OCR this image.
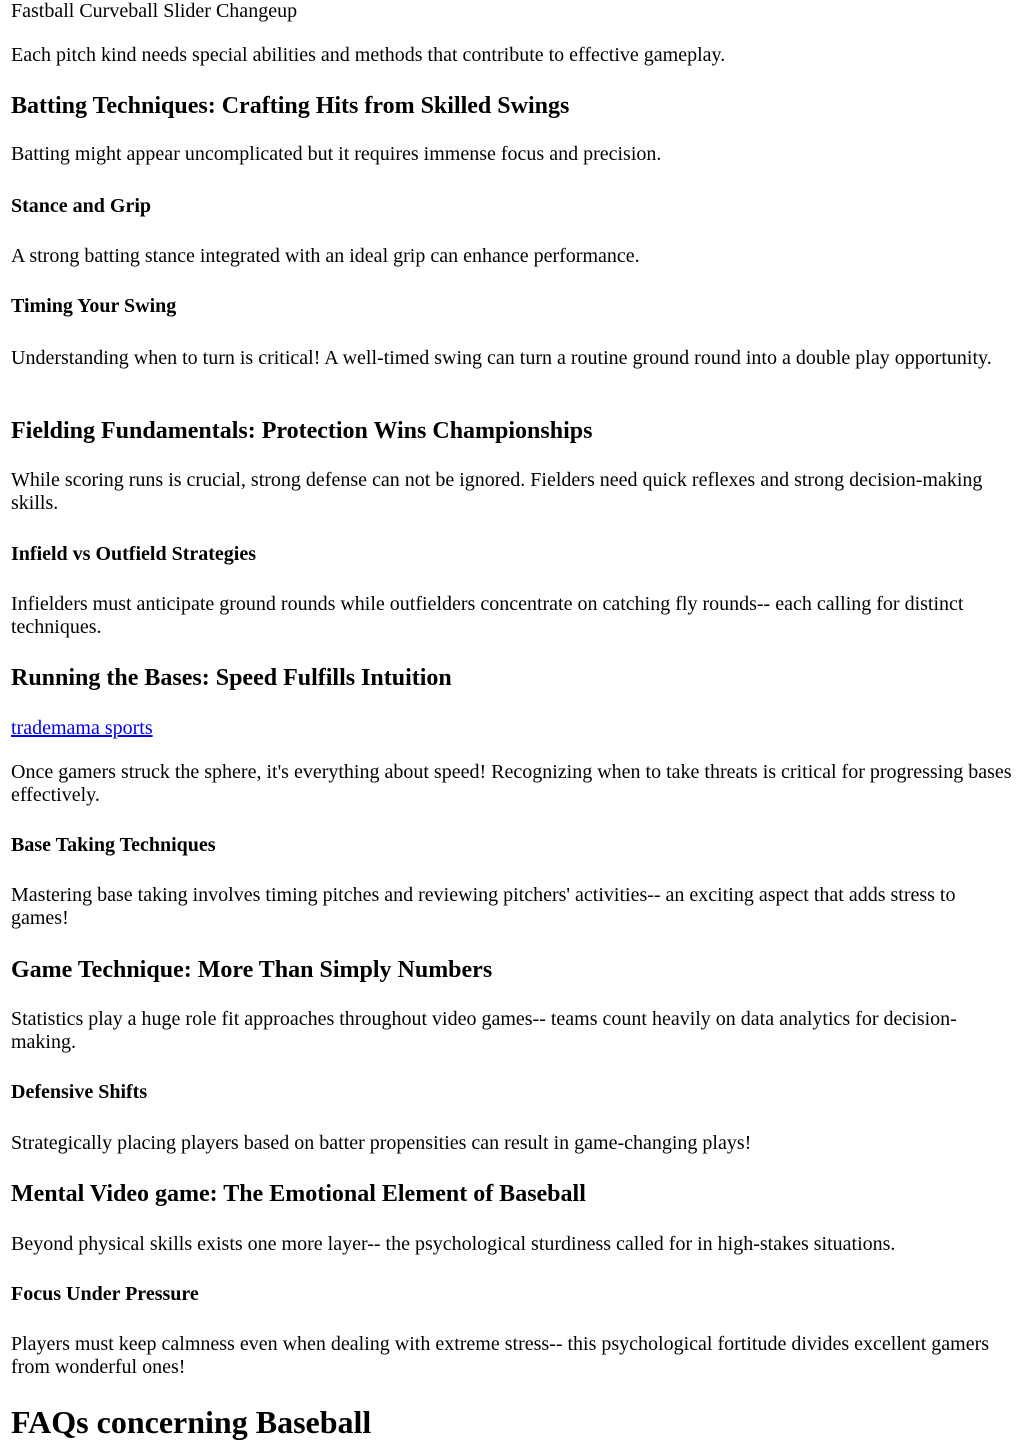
Fastball Curveball Slider Changeup

Each pitch kind needs special abilities and methods that contribute to effective gameplay.

Batting Techniques: Crafting Hits from Skilled Swings

Batting might appear uncomplicated but it requires immense focus and precision.

Stance and Grip

A strong batting stance integrated with an ideal grip can enhance performance.

Timing Your Swing

Understanding when to turn is critical! A well-timed swing can turn a routine ground round into a double play opportunity.

Fielding Fundamentals: Protection Wins Championships

While scoring runs is crucial, strong defense can not be ignored. Fielders need quick reflexes and strong decision-making skills.

Infield vs Outfield Strategies

Infielders must anticipate ground rounds while outfielders concentrate on catching fly rounds-- each calling for distinct techniques.

Running the Bases: Speed Fulfills Intuition

trademama sports

Once gamers struck the sphere, it's everything about speed! Recognizing when to take threats is critical for progressing bases effectively.

Base Taking Techniques

Mastering base taking involves timing pitches and reviewing pitchers' activities-- an exciting aspect that adds stress to games!

Game Technique: More Than Simply Numbers

Statistics play a huge role fit approaches throughout video games-- teams count heavily on data analytics for decision-making.

Defensive Shifts

Strategically placing players based on batter propensities can result in game-changing plays!

Mental Video game: The Emotional Element of Baseball

Beyond physical skills exists one more layer-- the psychological sturdiness called for in high-stakes situations.

Focus Under Pressure

Players must keep calmness even when dealing with extreme stress-- this psychological fortitude divides excellent gamers from wonderful ones!

FAQs concerning Baseball
